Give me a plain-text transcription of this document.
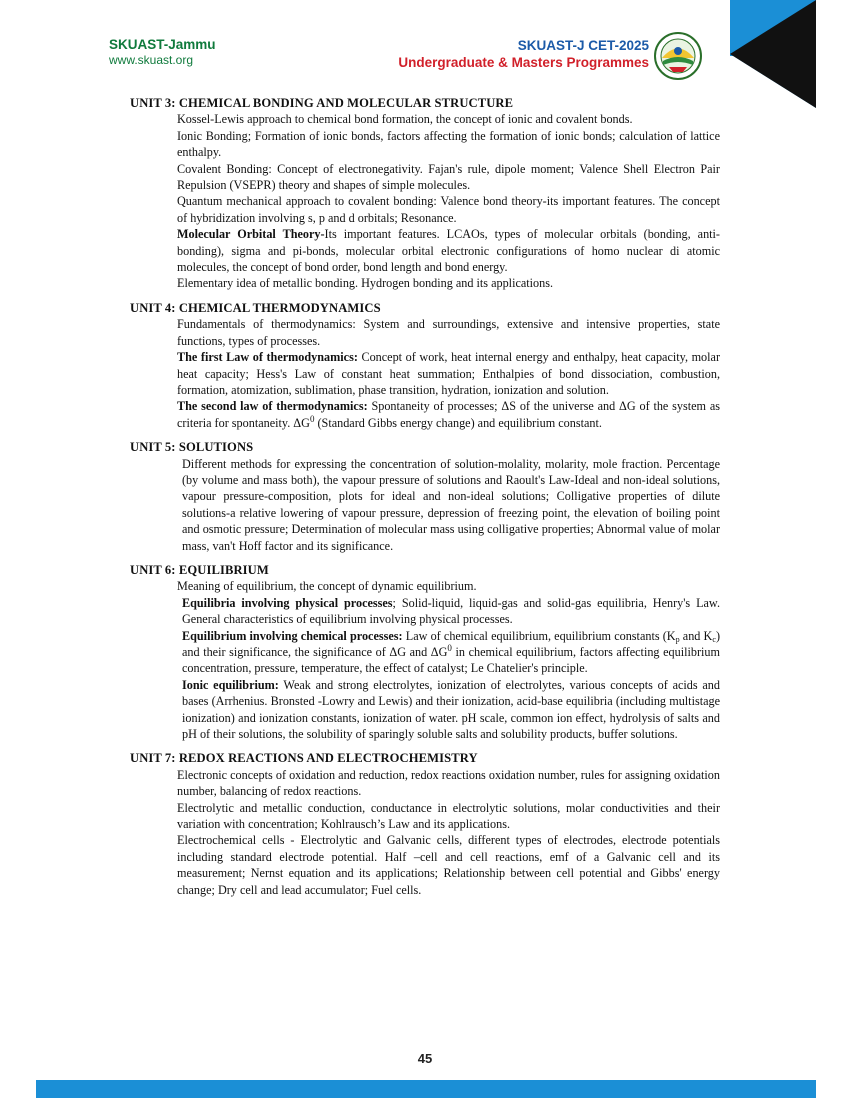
SKUAST-Jammu
www.skuast.org
SKUAST-J CET-2025
Undergraduate & Masters Programmes
UNIT 3: CHEMICAL BONDING AND MOLECULAR STRUCTURE
Kossel-Lewis approach to chemical bond formation, the concept of ionic and covalent bonds.
Ionic Bonding; Formation of ionic bonds, factors affecting the formation of ionic bonds; calculation of lattice enthalpy.
Covalent Bonding: Concept of electronegativity. Fajan's rule, dipole moment; Valence Shell Electron Pair Repulsion (VSEPR) theory and shapes of simple molecules.
Quantum mechanical approach to covalent bonding: Valence bond theory-its important features. The concept of hybridization involving s, p and d orbitals; Resonance.
Molecular Orbital Theory-Its important features. LCAOs, types of molecular orbitals (bonding, anti-bonding), sigma and pi-bonds, molecular orbital electronic configurations of homo nuclear di atomic molecules, the concept of bond order, bond length and bond energy.
Elementary idea of metallic bonding. Hydrogen bonding and its applications.
UNIT 4: CHEMICAL THERMODYNAMICS
Fundamentals of thermodynamics: System and surroundings, extensive and intensive properties, state functions, types of processes.
The first Law of thermodynamics: Concept of work, heat internal energy and enthalpy, heat capacity, molar heat capacity; Hess's Law of constant heat summation; Enthalpies of bond dissociation, combustion, formation, atomization, sublimation, phase transition, hydration, ionization and solution.
The second law of thermodynamics: Spontaneity of processes; ΔS of the universe and ΔG of the system as criteria for spontaneity. $\Delta G^0$ (Standard Gibbs energy change) and equilibrium constant.
UNIT 5: SOLUTIONS
Different methods for expressing the concentration of solution-molality, molarity, mole fraction. Percentage (by volume and mass both), the vapour pressure of solutions and Raoult's Law-Ideal and non-ideal solutions, vapour pressure-composition, plots for ideal and non-ideal solutions; Colligative properties of dilute solutions-a relative lowering of vapour pressure, depression of freezing point, the elevation of boiling point and osmotic pressure; Determination of molecular mass using colligative properties; Abnormal value of molar mass, van't Hoff factor and its significance.
UNIT 6: EQUILIBRIUM
Meaning of equilibrium, the concept of dynamic equilibrium.
Equilibria involving physical processes; Solid-liquid, liquid-gas and solid-gas equilibria, Henry's Law. General characteristics of equilibrium involving physical processes.
Equilibrium involving chemical processes: Law of chemical equilibrium, equilibrium constants ($K_p$ and $K_c$) and their significance, the significance of ΔG and $\Delta G^0$ in chemical equilibrium, factors affecting equilibrium concentration, pressure, temperature, the effect of catalyst; Le Chatelier's principle.
Ionic equilibrium: Weak and strong electrolytes, ionization of electrolytes, various concepts of acids and bases (Arrhenius. Bronsted -Lowry and Lewis) and their ionization, acid-base equilibria (including multistage ionization) and ionization constants, ionization of water. pH scale, common ion effect, hydrolysis of salts and pH of their solutions, the solubility of sparingly soluble salts and solubility products, buffer solutions.
UNIT 7: REDOX REACTIONS AND ELECTROCHEMISTRY
Electronic concepts of oxidation and reduction, redox reactions oxidation number, rules for assigning oxidation number, balancing of redox reactions.
Electrolytic and metallic conduction, conductance in electrolytic solutions, molar conductivities and their variation with concentration; Kohlrausch’s Law and its applications.
Electrochemical cells - Electrolytic and Galvanic cells, different types of electrodes, electrode potentials including standard electrode potential. Half –cell and cell reactions, emf of a Galvanic cell and its measurement; Nernst equation and its applications; Relationship between cell potential and Gibbs' energy change; Dry cell and lead accumulator; Fuel cells.
45
